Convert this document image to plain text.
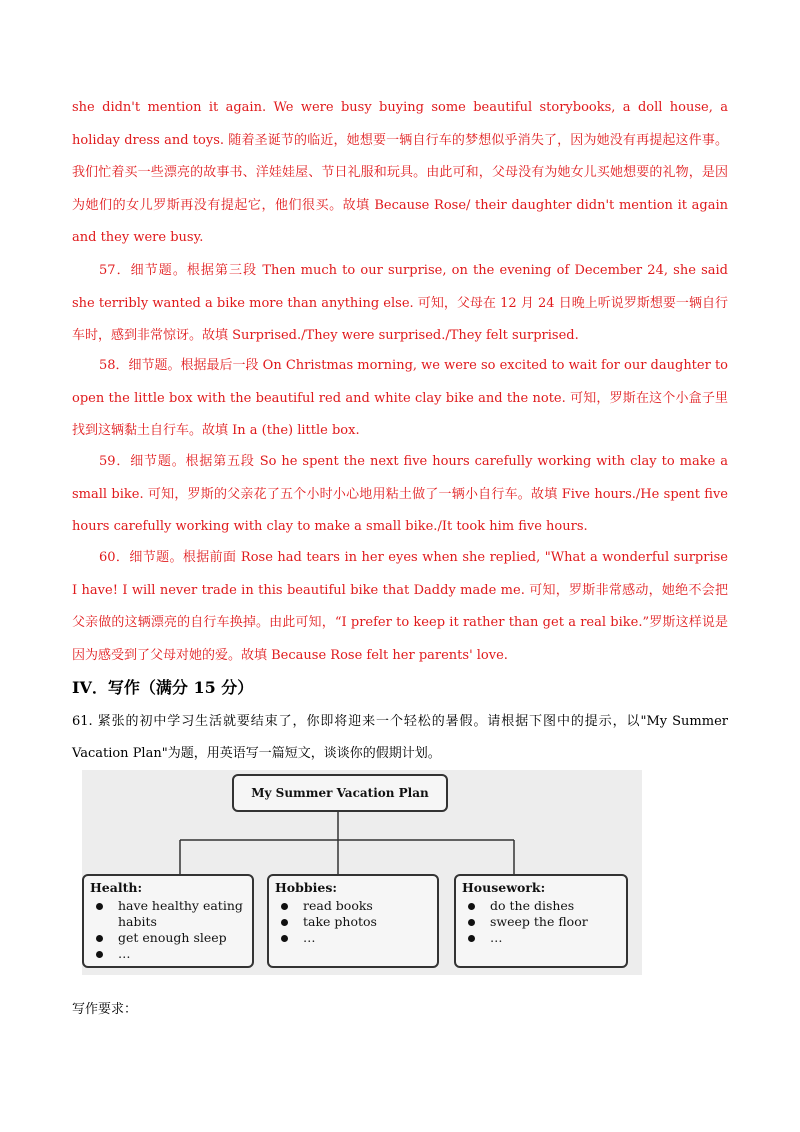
she didn't mention it again. We were busy buying some beautiful storybooks, a doll house, a holiday dress and toys. 随着圣诞节的临近，她想要一辆自行车的梦想似乎消失了，因为她没有再提起这件事。我们忙着买一些漂亮的故事书、洋娃娃屋、节日礼服和玩具。由此可和，父母没有为她女儿买她想要的礼物，是因为她们的女儿罗斯再没有提起它，他们很买。故填 Because Rose/ their daughter didn't mention it again and they were busy.

57．细节题。根据第三段 Then much to our surprise, on the evening of December 24, she said she terribly wanted a bike more than anything else. 可知，父母在 12 月 24 日晚上听说罗斯想要一辆自行车时，感到非常惊讶。故填 Surprised./They were surprised./They felt surprised.

58．细节题。根据最后一段 On Christmas morning, we were so excited to wait for our daughter to open the little box with the beautiful red and white clay bike and the note. 可知，罗斯在这个小盒子里找到这辆黏土自行车。故填 In a (the) little box.

59．细节题。根据第五段 So he spent the next five hours carefully working with clay to make a small bike. 可知，罗斯的父亲花了五个小时小心地用粘土做了一辆小自行车。故填 Five hours./He spent five hours carefully working with clay to make a small bike./It took him five hours.

60．细节题。根据前面 Rose had tears in her eyes when she replied, "What a wonderful surprise I have! I will never trade in this beautiful bike that Daddy made me. 可知，罗斯非常感动，她绝不会把父亲做的这辆漂亮的自行车换掉。由此可知，“I prefer to keep it rather than get a real bike.”罗斯这样说是因为感受到了父母对她的爱。故填 Because Rose felt her parents' love.

IV．写作（满分 15 分）

61. 紧张的初中学习生活就要结束了，你即将迎来一个轻松的暑假。请根据下图中的提示，以"My Summer Vacation Plan"为题，用英语写一篇短文，谈谈你的假期计划。

My Summer Vacation Plan
Health:
have healthy eating habits
get enough sleep
…
Hobbies:
read books
take photos
…
Housework:
do the dishes
sweep the floor
…
写作要求：
